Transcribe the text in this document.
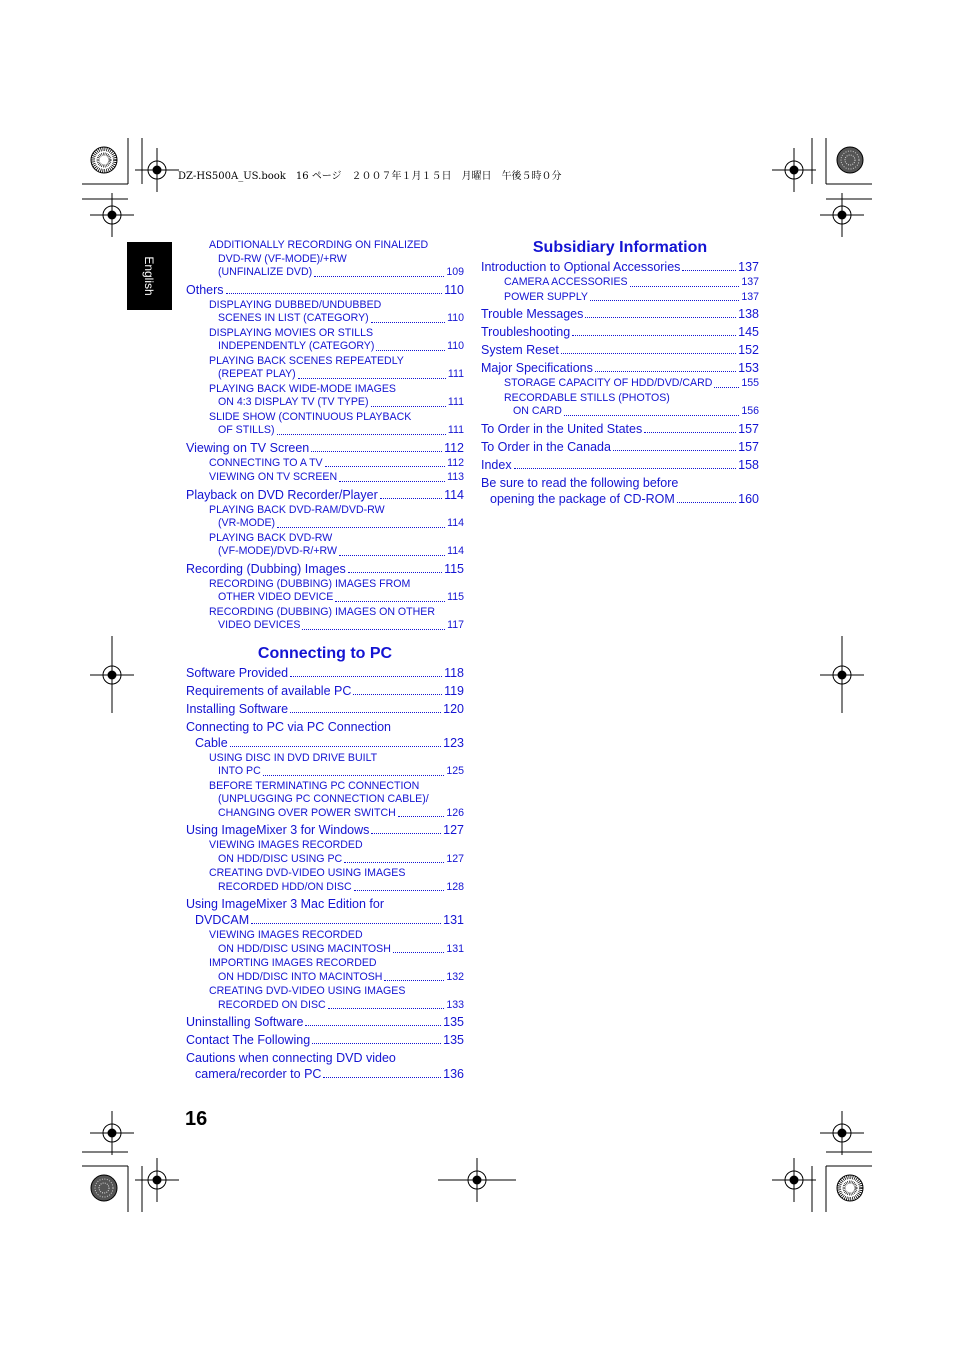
DZ-HS500A_US.book　16 ページ　２００７年１月１５日　月曜日　午後５時０分
English
16
ADDITIONALLY RECORDING ON FINALIZED
DVD-RW (VF-MODE)/+RW
(UNFINALIZE DVD)	109
Others	110
DISPLAYING DUBBED/UNDUBBED
SCENES IN LIST (CATEGORY)	110
DISPLAYING MOVIES OR STILLS
INDEPENDENTLY (CATEGORY)	110
PLAYING BACK SCENES REPEATEDLY
(REPEAT PLAY)	111
PLAYING BACK WIDE-MODE IMAGES
ON 4:3 DISPLAY TV (TV TYPE)	111
SLIDE SHOW (CONTINUOUS PLAYBACK
OF STILLS)	111
Viewing on TV Screen	112
CONNECTING TO A TV	112
VIEWING ON TV SCREEN	113
Playback on DVD Recorder/Player	114
PLAYING BACK DVD-RAM/DVD-RW
(VR-MODE)	114
PLAYING BACK DVD-RW
(VF-MODE)/DVD-R/+RW	114
Recording (Dubbing) Images	115
RECORDING (DUBBING) IMAGES FROM
OTHER VIDEO DEVICE	115
RECORDING (DUBBING) IMAGES ON OTHER
VIDEO DEVICES	117
Connecting to PC
Software Provided	118
Requirements of available PC	119
Installing Software	120
Connecting to PC via PC Connection
Cable	123
USING DISC IN DVD DRIVE BUILT
INTO PC	125
BEFORE TERMINATING PC CONNECTION
(UNPLUGGING PC CONNECTION CABLE)/
CHANGING OVER POWER SWITCH	126
Using ImageMixer 3 for Windows	127
VIEWING IMAGES RECORDED
ON HDD/DISC USING PC	127
CREATING DVD-VIDEO USING IMAGES
RECORDED HDD/ON DISC	128
Using ImageMixer 3 Mac Edition for
DVDCAM	131
VIEWING IMAGES RECORDED
ON HDD/DISC USING MACINTOSH	131
IMPORTING IMAGES RECORDED
ON HDD/DISC INTO MACINTOSH	132
CREATING DVD-VIDEO USING IMAGES
RECORDED ON DISC	133
Uninstalling Software	135
Contact The Following	135
Cautions when connecting DVD video
camera/recorder to PC	136
Subsidiary Information
Introduction to Optional Accessories	137
CAMERA ACCESSORIES	137
POWER SUPPLY	137
Trouble Messages	138
Troubleshooting	145
System Reset	152
Major Specifications	153
STORAGE CAPACITY OF HDD/DVD/CARD	155
RECORDABLE STILLS (PHOTOS)
ON CARD	156
To Order in the United States	157
To Order in the Canada	157
Index	158
Be sure to read the following before
opening the package of CD-ROM	160
